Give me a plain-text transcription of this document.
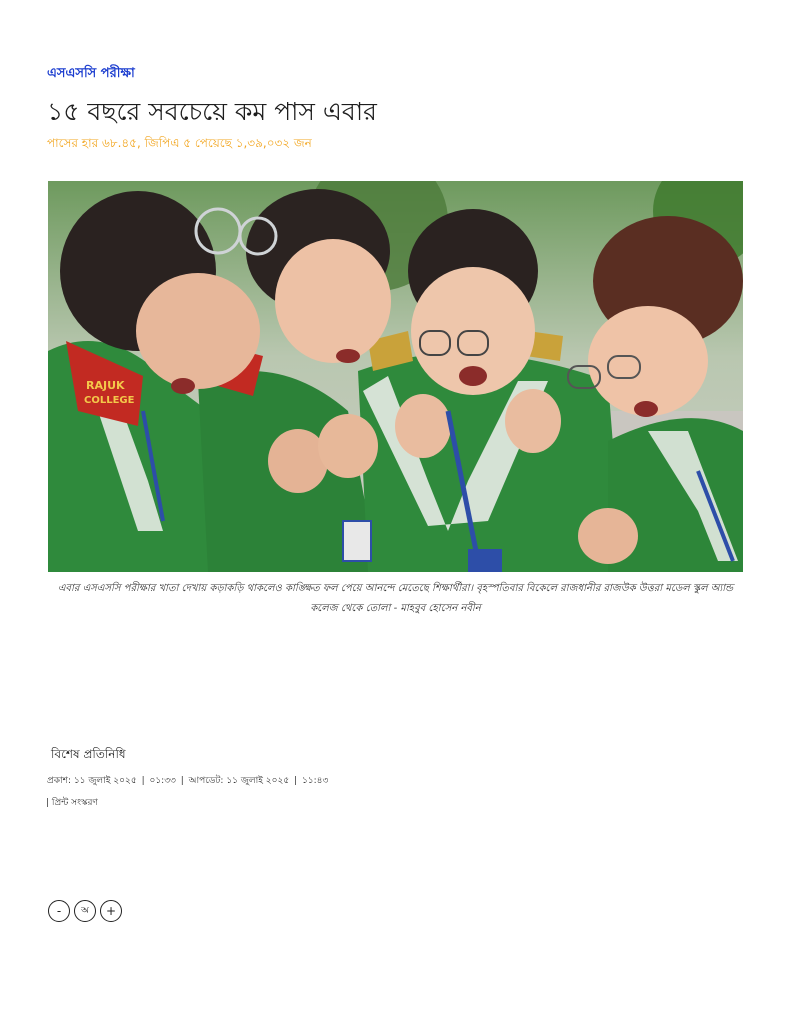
এসএসসি পরীক্ষা
১৫ বছরে সবচেয়ে কম পাস এবার
পাসের হার ৬৮.৪৫, জিপিএ ৫ পেয়েছে ১,৩৯,০৩২ জন
RAJUK
COLLEGE
এবার এসএসসি পরীক্ষার খাতা দেখায় কড়াকড়ি থাকলেও কাঙ্ক্ষিত ফল পেয়ে আনন্দে মেতেছে শিক্ষার্থীরা। বৃহস্পতিবার বিকেলে রাজধানীর রাজউক উত্তরা মডেল স্কুল অ্যান্ড কলেজ থেকে তোলা - মাহবুব হোসেন নবীন
বিশেষ প্রতিনিধি
প্রকাশ: ১১ জুলাই ২০২৫ | ০১:৩৩ | আপডেট: ১১ জুলাই ২০২৫ | ১১:৪৩
| প্রিন্ট সংস্করণ
-	অ	+
